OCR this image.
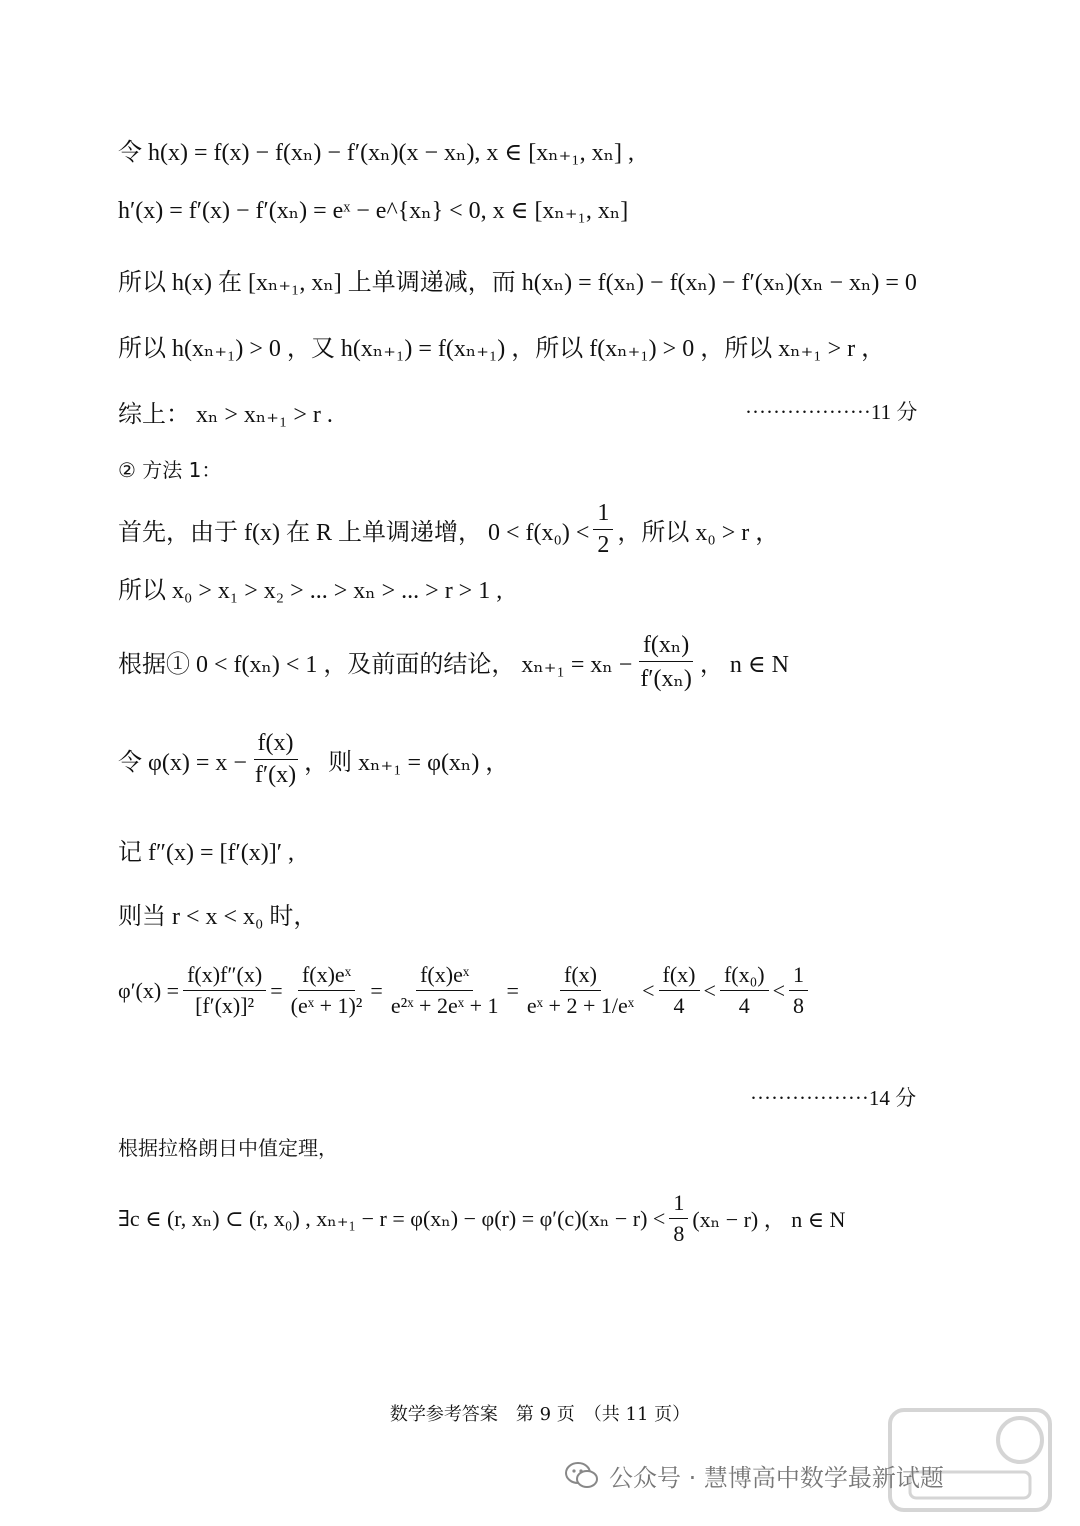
令 h(x) = f(x) − f(xₙ) − f′(xₙ)(x − xₙ), x ∈ [xₙ₊₁, xₙ] ,
h′(x) = f′(x) − f′(xₙ) = eˣ − e^{xₙ} < 0, x ∈ [xₙ₊₁, xₙ]
所以 h(x) 在 [xₙ₊₁, xₙ] 上单调递减，而 h(xₙ) = f(xₙ) − f(xₙ) − f′(xₙ)(xₙ − xₙ) = 0
所以 h(xₙ₊₁) > 0 ，又 h(xₙ₊₁) = f(xₙ₊₁) ，所以 f(xₙ₊₁) > 0 ，所以 xₙ₊₁ > r ，
综上： xₙ > xₙ₊₁ > r .	··················11 分
② 方法 1：
首先，由于 f(x) 在 R 上单调递增， $0 < f(x_0) < \frac{1}{2}$ ，所以 x₀ > r ，
所以 x₀ > x₁ > x₂ > ... > xₙ > ... > r > 1 ,
根据① 0 < f(xₙ) < 1 ，及前面的结论， $x_{n+1} = x_n - \frac{\text{f(xₙ)}}{\text{f′(xₙ)}}$ ， n ∈ N
令 $\varphi(x) = x - \frac{f(x)}{f'(x)}$ ，则 xₙ₊₁ = φ(xₙ) ，
记 f″(x) = [f′(x)]′ ,
则当 r < x < x₀ 时，
$\varphi'(x) = \frac{f(x)f''(x)}{\text{[f′(x)]²}} = \frac{\text{f(x)eˣ}}{\text{(eˣ + 1)²}} = \frac{\text{f(x)eˣ}}{\text{e²ˣ + 2eˣ + 1}} = \frac{f(x)}{\text{eˣ + 2 + 1/eˣ}} < \frac{f(x)}{4} < \frac{\text{f(x₀)}}{4} < \frac{1}{8}$
·················14 分
根据拉格朗日中值定理，
∃c ∈ (r, xₙ) ⊂ (r, x₀) , $x_{n+1} - r = \varphi(x_n) - \varphi(r) = \varphi'(c)(x_n - r) < \frac{1}{8} (x_n - r)$ ， n ∈ N
数学参考答案　第 9 页　（共 11 页）
公众号 · 慧博高中数学最新试题
